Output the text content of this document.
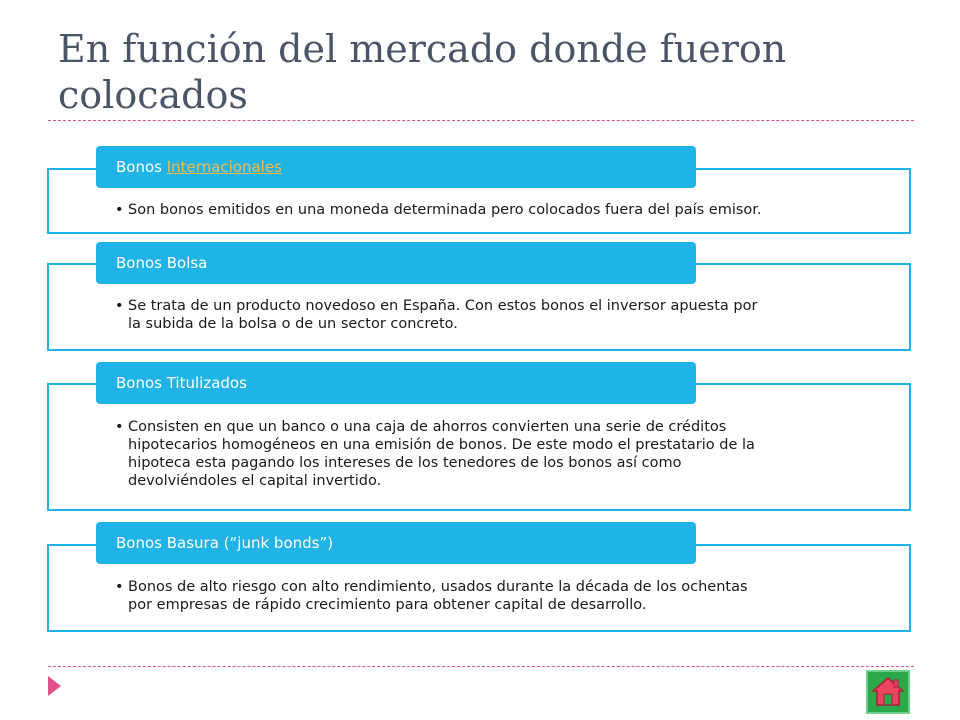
En función del mercado donde fueron colocados
• Son bonos emitidos en una moneda determinada pero colocados fuera del país emisor.
Bonos Internacionales
• Se trata de un producto novedoso en España. Con estos bonos el inversor apuesta por
la subida de la bolsa o de un sector concreto.
Bonos Bolsa
• Consisten en que un banco o una caja de ahorros convierten una serie de créditos
hipotecarios homogéneos en una emisión de bonos. De este modo el prestatario de la
hipoteca esta pagando los intereses de los tenedores de los bonos así como
devolviéndoles el capital invertido.
Bonos Titulizados
• Bonos de alto riesgo con alto rendimiento, usados durante la década de los ochentas
por empresas de rápido crecimiento para obtener capital de desarrollo.
Bonos Basura (“junk bonds”)
